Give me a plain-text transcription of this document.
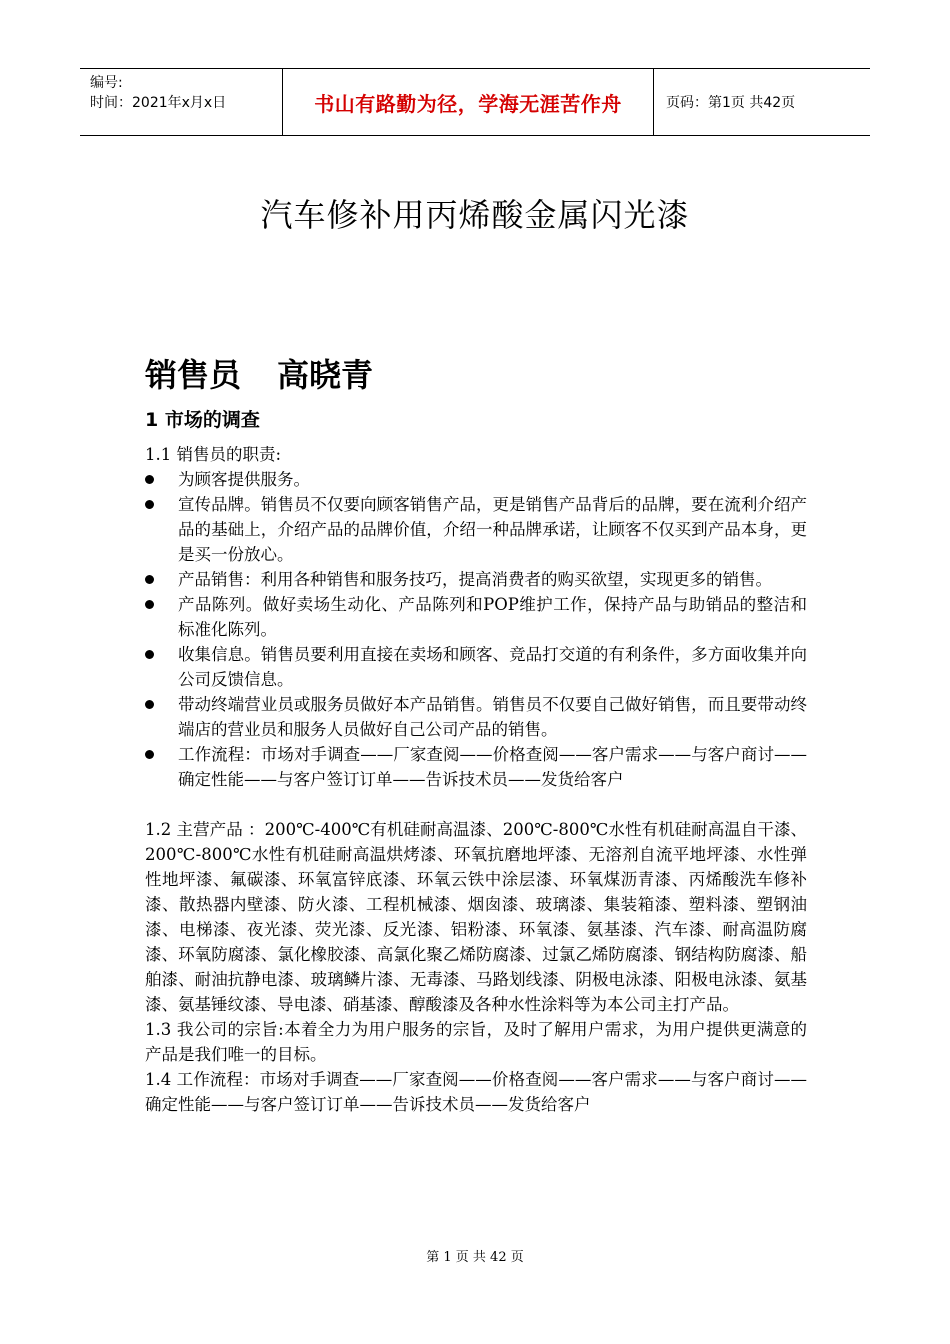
编号:
时间：2021年x月x日	书山有路勤为径，学海无涯苦作舟	页码：第1页 共42页
汽车修补用丙烯酸金属闪光漆
销售员 高晓青
1 市场的调查

1.1 销售员的职责:

为顾客提供服务。
宣传品牌。销售员不仅要向顾客销售产品，更是销售产品背后的品牌，要在流利介绍产品的基础上，介绍产品的品牌价值，介绍一种品牌承诺，让顾客不仅买到产品本身，更是买一份放心。
产品销售：利用各种销售和服务技巧，提高消费者的购买欲望，实现更多的销售。
产品陈列。做好卖场生动化、产品陈列和POP维护工作，保持产品与助销品的整洁和标准化陈列。
收集信息。销售员要利用直接在卖场和顾客、竞品打交道的有利条件，多方面收集并向公司反馈信息。
带动终端营业员或服务员做好本产品销售。销售员不仅要自己做好销售，而且要带动终端店的营业员和服务人员做好自己公司产品的销售。
工作流程：市场对手调查——厂家查阅——价格查阅——客户需求——与客户商讨——确定性能——与客户签订订单——告诉技术员——发货给客户

1.2 主营产品 ：200℃-400℃有机硅耐高温漆、200℃-800℃水性有机硅耐高温自干漆、200℃-800℃水性有机硅耐高温烘烤漆、环氧抗磨地坪漆、无溶剂自流平地坪漆、水性弹性地坪漆、氟碳漆、环氧富锌底漆、环氧云铁中涂层漆、环氧煤沥青漆、丙烯酸洗车修补漆、散热器内壁漆、防火漆、工程机械漆、烟囱漆、玻璃漆、集装箱漆、塑料漆、塑钢油漆、电梯漆、夜光漆、荧光漆、反光漆、铝粉漆、环氧漆、氨基漆、汽车漆、耐高温防腐漆、环氧防腐漆、氯化橡胶漆、高氯化聚乙烯防腐漆、过氯乙烯防腐漆、钢结构防腐漆、船舶漆、耐油抗静电漆、玻璃鳞片漆、无毒漆、马路划线漆、阴极电泳漆、阳极电泳漆、氨基漆、氨基锤纹漆、导电漆、硝基漆、醇酸漆及各种水性涂料等为本公司主打产品。

1.3 我公司的宗旨:本着全力为用户服务的宗旨，及时了解用户需求，为用户提供更满意的产品是我们唯一的目标。

1.4 工作流程：市场对手调查——厂家查阅——价格查阅——客户需求——与客户商讨——确定性能——与客户签订订单——告诉技术员——发货给客户

第 1 页 共 42 页
